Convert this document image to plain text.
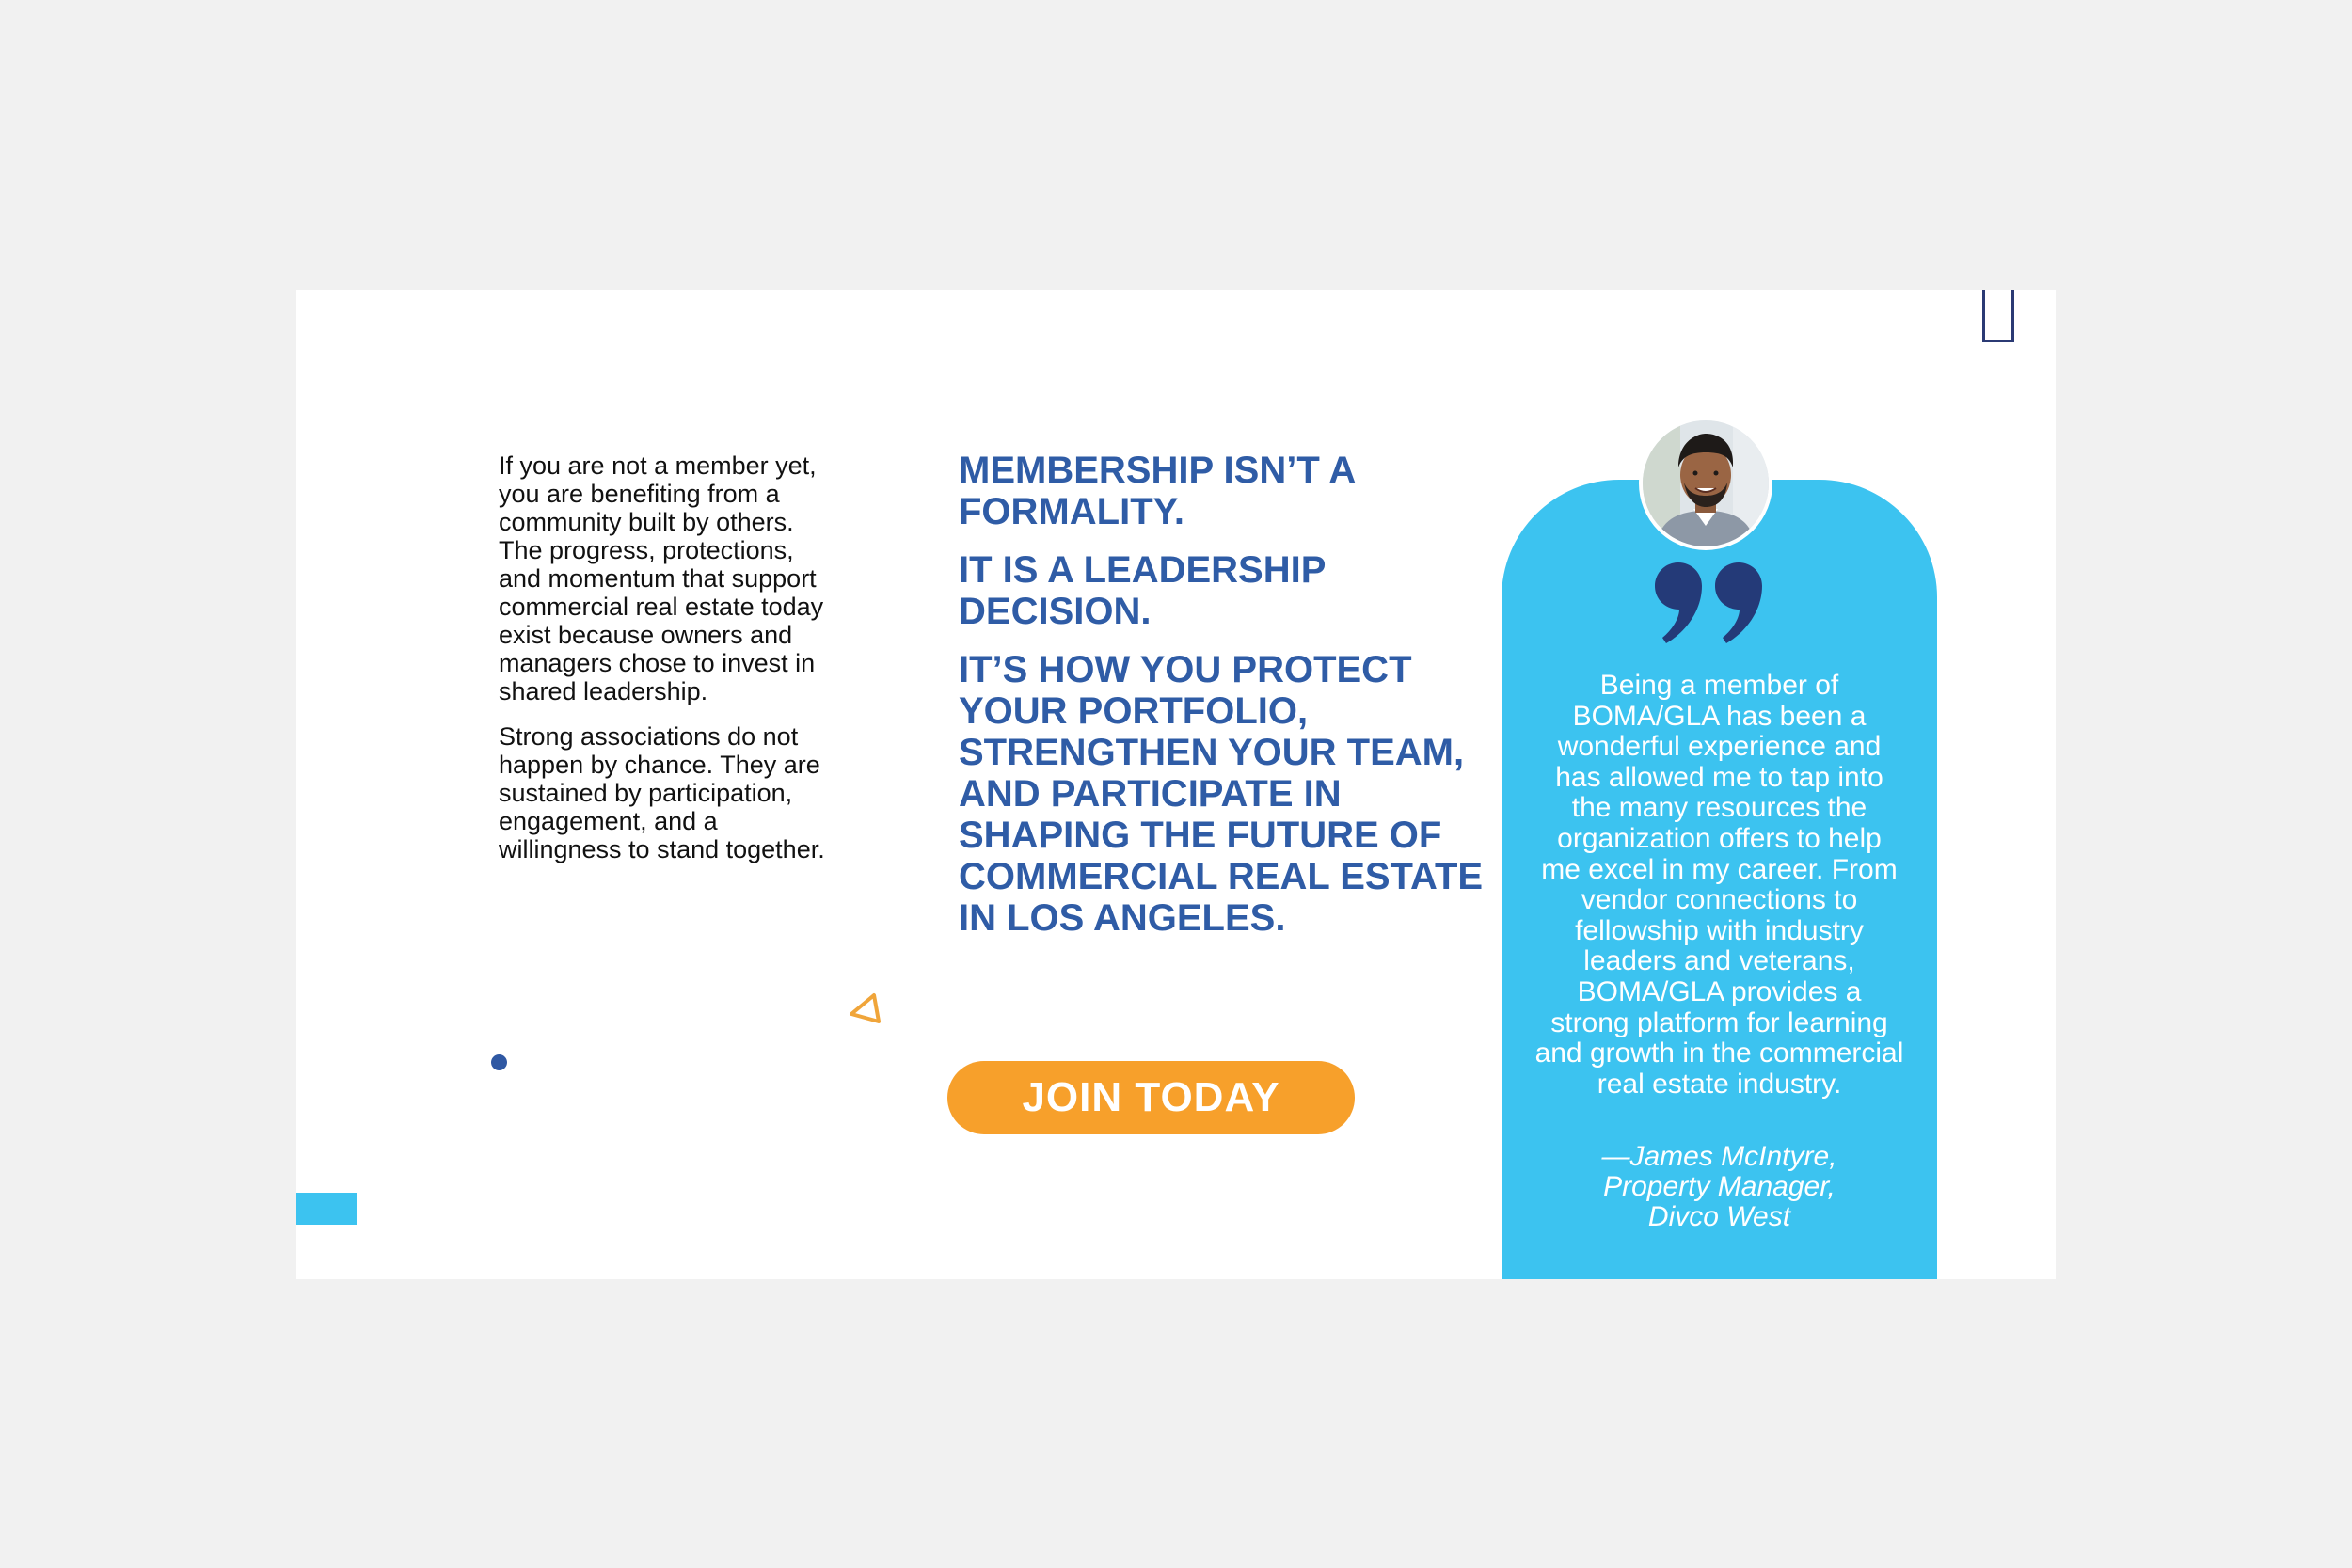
If you are not a member yet, you are benefiting from a community built by others. The progress, protections, and momentum that support commercial real estate today exist because owners and managers chose to invest in shared leadership.

Strong associations do not happen by chance. They are sustained by participation, engagement, and a willingness to stand together.

MEMBERSHIP ISN’T A FORMALITY.

IT IS A LEADERSHIP DECISION.

IT’S HOW YOU PROTECT YOUR PORTFOLIO, STRENGTHEN YOUR TEAM, AND PARTICIPATE IN SHAPING THE FUTURE OF COMMERCIAL REAL ESTATE IN LOS ANGELES.

JOIN TODAY
Being a member of BOMA/GLA has been a wonderful experience and has allowed me to tap into the many resources the organization offers to help me excel in my career. From vendor connections to fellowship with industry leaders and veterans, BOMA/GLA provides a strong platform for learning and growth in the commercial real estate industry.
—James McIntyre,
Property Manager,
Divco West
